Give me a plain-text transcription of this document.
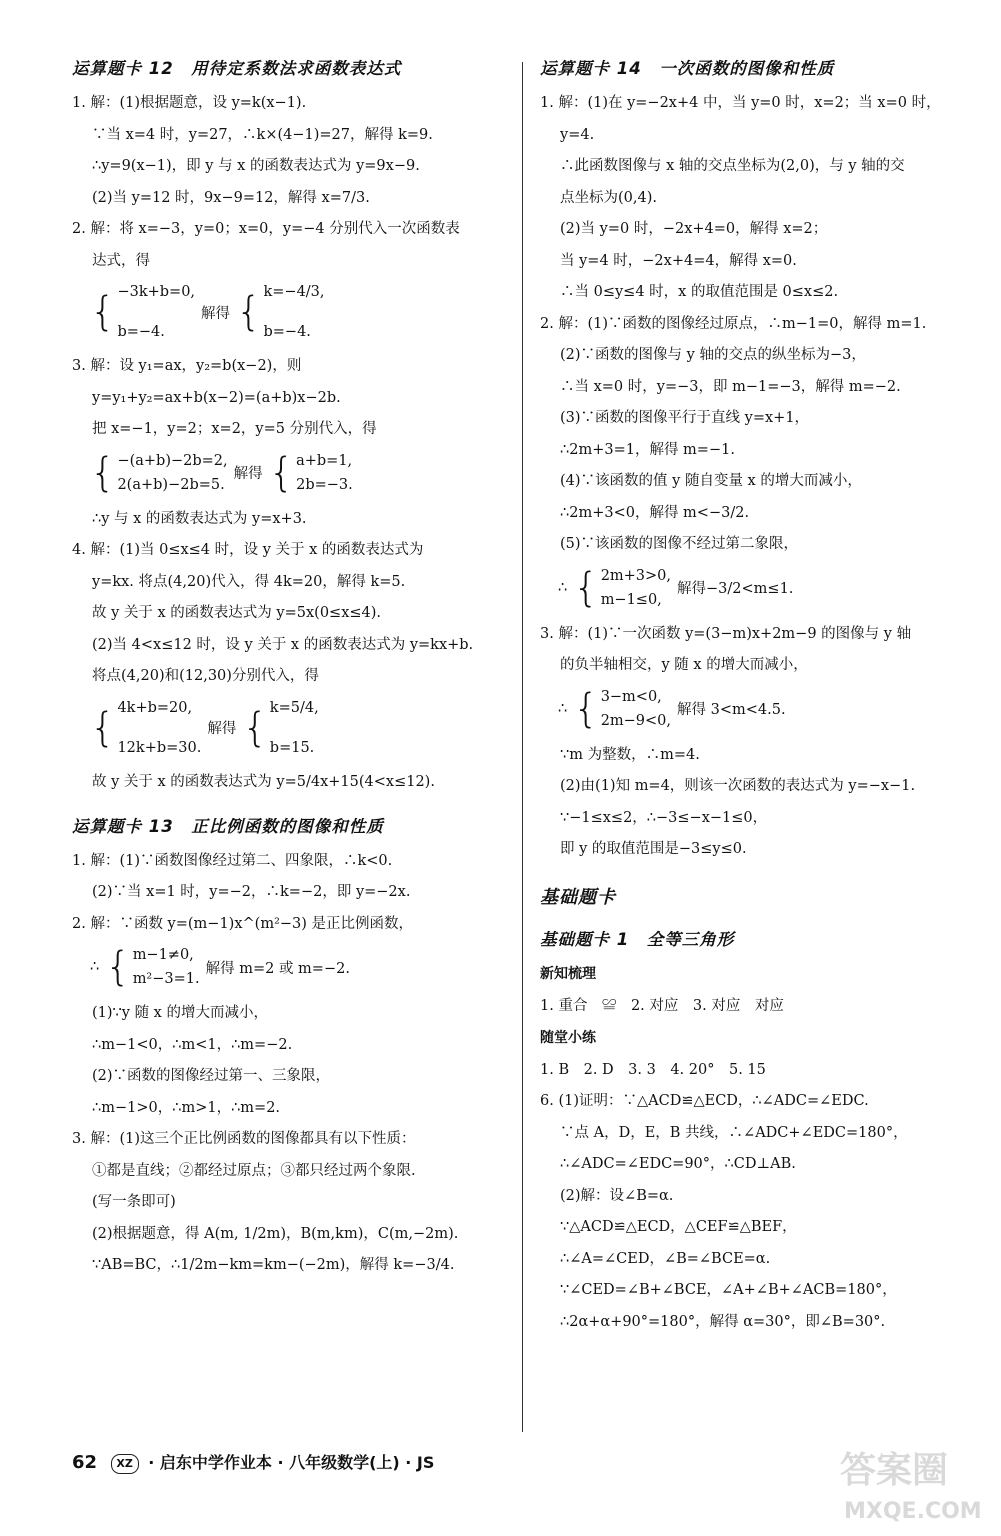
运算题卡 12　用待定系数法求函数表达式
1. 解：(1)根据题意，设 y=k(x−1).
∵当 x=4 时，y=27，∴k×(4−1)=27，解得 k=9.
∴y=9(x−1)，即 y 与 x 的函数表达式为 y=9x−9.
(2)当 y=12 时，9x−9=12，解得 x=7/3.
2. 解：将 x=−3，y=0；x=0，y=−4 分别代入一次函数表
达式，得
{ −3k+b=0,
b=−4.
解得 { k=−4/3,
b=−4.
3. 解：设 y₁=ax，y₂=b(x−2)，则
y=y₁+y₂=ax+b(x−2)=(a+b)x−2b.
把 x=−1，y=2；x=2，y=5 分别代入，得
{ −(a+b)−2b=2,
2(a+b)−2b=5.
解得 { a+b=1,
2b=−3.
∴y 与 x 的函数表达式为 y=x+3.
4. 解：(1)当 0≤x≤4 时，设 y 关于 x 的函数表达式为
y=kx. 将点(4,20)代入，得 4k=20，解得 k=5.
故 y 关于 x 的函数表达式为 y=5x(0≤x≤4).
(2)当 4<x≤12 时，设 y 关于 x 的函数表达式为 y=kx+b.
将点(4,20)和(12,30)分别代入，得
{ 4k+b=20,
12k+b=30.
解得 { k=5/4,
b=15.
故 y 关于 x 的函数表达式为 y=5/4x+15(4<x≤12).
运算题卡 13　正比例函数的图像和性质
1. 解：(1)∵函数图像经过第二、四象限，∴k<0.
(2)∵当 x=1 时，y=−2，∴k=−2，即 y=−2x.
2. 解：∵函数 y=(m−1)x^(m²−3) 是正比例函数，
∴ { m−1≠0,
m²−3=1.
解得 m=2 或 m=−2.
(1)∵y 随 x 的增大而减小，
∴m−1<0，∴m<1，∴m=−2.
(2)∵函数的图像经过第一、三象限，
∴m−1>0，∴m>1，∴m=2.
3. 解：(1)这三个正比例函数的图像都具有以下性质：
①都是直线；②都经过原点；③都只经过两个象限.
(写一条即可)
(2)根据题意，得 A(m, 1/2m)，B(m,km)，C(m,−2m).
∵AB=BC，∴1/2m−km=km−(−2m)，解得 k=−3/4.
运算题卡 14　一次函数的图像和性质
1. 解：(1)在 y=−2x+4 中，当 y=0 时，x=2；当 x=0 时，
y=4.
∴此函数图像与 x 轴的交点坐标为(2,0)，与 y 轴的交
点坐标为(0,4).
(2)当 y=0 时，−2x+4=0，解得 x=2；
当 y=4 时，−2x+4=4，解得 x=0.
∴当 0≤y≤4 时，x 的取值范围是 0≤x≤2.
2. 解：(1)∵函数的图像经过原点，∴m−1=0，解得 m=1.
(2)∵函数的图像与 y 轴的交点的纵坐标为−3，
∴当 x=0 时，y=−3，即 m−1=−3，解得 m=−2.
(3)∵函数的图像平行于直线 y=x+1，
∴2m+3=1，解得 m=−1.
(4)∵该函数的值 y 随自变量 x 的增大而减小，
∴2m+3<0，解得 m<−3/2.
(5)∵该函数的图像不经过第二象限，
∴ { 2m+3>0,
m−1≤0,
解得−3/2<m≤1.
3. 解：(1)∵一次函数 y=(3−m)x+2m−9 的图像与 y 轴
的负半轴相交，y 随 x 的增大而减小，
∴ { 3−m<0,
2m−9<0,
解得 3<m<4.5.
∵m 为整数，∴m=4.
(2)由(1)知 m=4，则该一次函数的表达式为 y=−x−1.
∵−1≤x≤2，∴−3≤−x−1≤0，
即 y 的取值范围是−3≤y≤0.
基础题卡
基础题卡 1　全等三角形
新知梳理
1. 重合　≌　2. 对应　3. 对应　对应
随堂小练
1. B　2. D　3. 3　4. 20°　5. 15
6. (1)证明：∵△ACD≌△ECD，∴∠ADC=∠EDC.
∵点 A，D，E，B 共线，∴∠ADC+∠EDC=180°，
∴∠ADC=∠EDC=90°，∴CD⊥AB.
(2)解：设∠B=α.
∵△ACD≌△ECD，△CEF≌△BEF，
∴∠A=∠CED，∠B=∠BCE=α.
∵∠CED=∠B+∠BCE，∠A+∠B+∠ACB=180°，
∴2α+α+90°=180°，解得 α=30°，即∠B=30°.
62 XZ · 启东中学作业本 · 八年级数学(上) · JS	答案圈
MXQE.COM
